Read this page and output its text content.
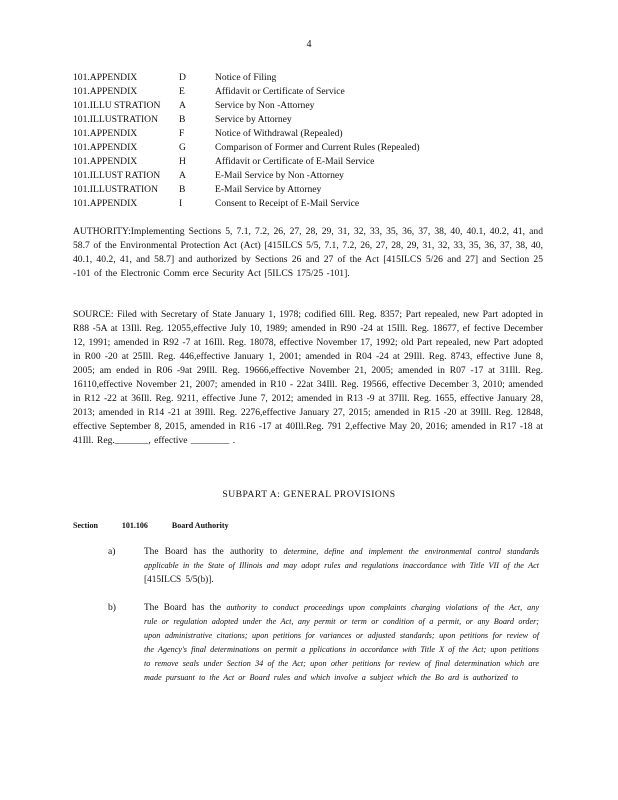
4
101.APPENDIX	D	Notice of Filing
101.APPENDIX	E	Affidavit or Certificate of Service
101.ILLU STRATION	A	Service by Non -Attorney
101.ILLUSTRATION	B	Service by Attorney
101.APPENDIX	F	Notice of Withdrawal (Repealed)
101.APPENDIX	G	Comparison of Former and Current Rules (Repealed)
101.APPENDIX	H	Affidavit or Certificate of E-Mail Service
101.ILLUST RATION	A	E-Mail Service by Non -Attorney
101.ILLUSTRATION	B	E-Mail Service by Attorney
101.APPENDIX	I	Consent to Receipt of E-Mail Service
AUTHORITY:Implementing Sections 5, 7.1, 7.2, 26, 27, 28, 29, 31, 32, 33, 35, 36, 37, 38, 40, 40.1, 40.2, 41, and 58.7 of the Environmental Protection Act (Act) [415ILCS 5/5, 7.1, 7.2, 26, 27, 28, 29, 31, 32, 33, 35, 36, 37, 38, 40, 40.1, 40.2, 41, and 58.7] and authorized by Sections 26 and 27 of the Act [415ILCS 5/26 and 27] and Section 25 -101 of the Electronic Comm erce Security Act [5ILCS 175/25 -101].
SOURCE: Filed with Secretary of State January 1, 1978; codified 6Ill. Reg. 8357; Part repealed, new Part adopted in R88 -5A at 13Ill. Reg. 12055,effective July 10, 1989; amended in R90 -24 at 15Ill. Reg. 18677, ef fective December 12, 1991; amended in R92 -7 at 16Ill. Reg. 18078, effective November 17, 1992; old Part repealed, new Part adopted in R00 -20 at 25Ill. Reg. 446,effective January 1, 2001; amended in R04 -24 at 29Ill. Reg. 8743, effective June 8, 2005; am ended in R06 -9at 29Ill. Reg. 19666,effective November 21, 2005; amended in R07 -17 at 31Ill. Reg. 16110,effective November 21, 2007; amended in R10 - 22at 34Ill. Reg. 19566, effective December 3, 2010; amended in R12 -22 at 36Ill. Reg. 9211, effective June 7, 2012; amended in R13 -9 at 37Ill. Reg. 1655, effective January 28, 2013; amended in R14 -21 at 39Ill. Reg. 2276,effective January 27, 2015; amended in R15 -20 at 39Ill. Reg. 12848, effective September 8, 2015, amended in R16 -17 at 40Ill.Reg. 791 2,effective May 20, 2016; amended in R17 -18 at 41Ill. Reg._______, effective ________ .
SUBPART A: GENERAL PROVISIONS
Section	101.106	Board Authority
a)	The Board has the authority to determine, define and implement the environmental control standards applicable in the State of Illinois and may adopt rules and regulations inaccordance with Title VII of the Act [415ILCS 5/5(b)].
b)	The Board has the authority to conduct proceedings upon complaints charging violations of the Act, any rule or regulation adopted under the Act, any permit or term or condition of a permit, or any Board order; upon administrative citations; upon petitions for variances or adjusted standards; upon petitions for review of the Agency's final determinations on permit a pplications in accordance with Title X of the Act; upon petitions to remove seals under Section 34 of the Act; upon other petitions for review of final determination which are made pursuant to the Act or Board rules and which involve a subject which the Bo ard is authorized to
